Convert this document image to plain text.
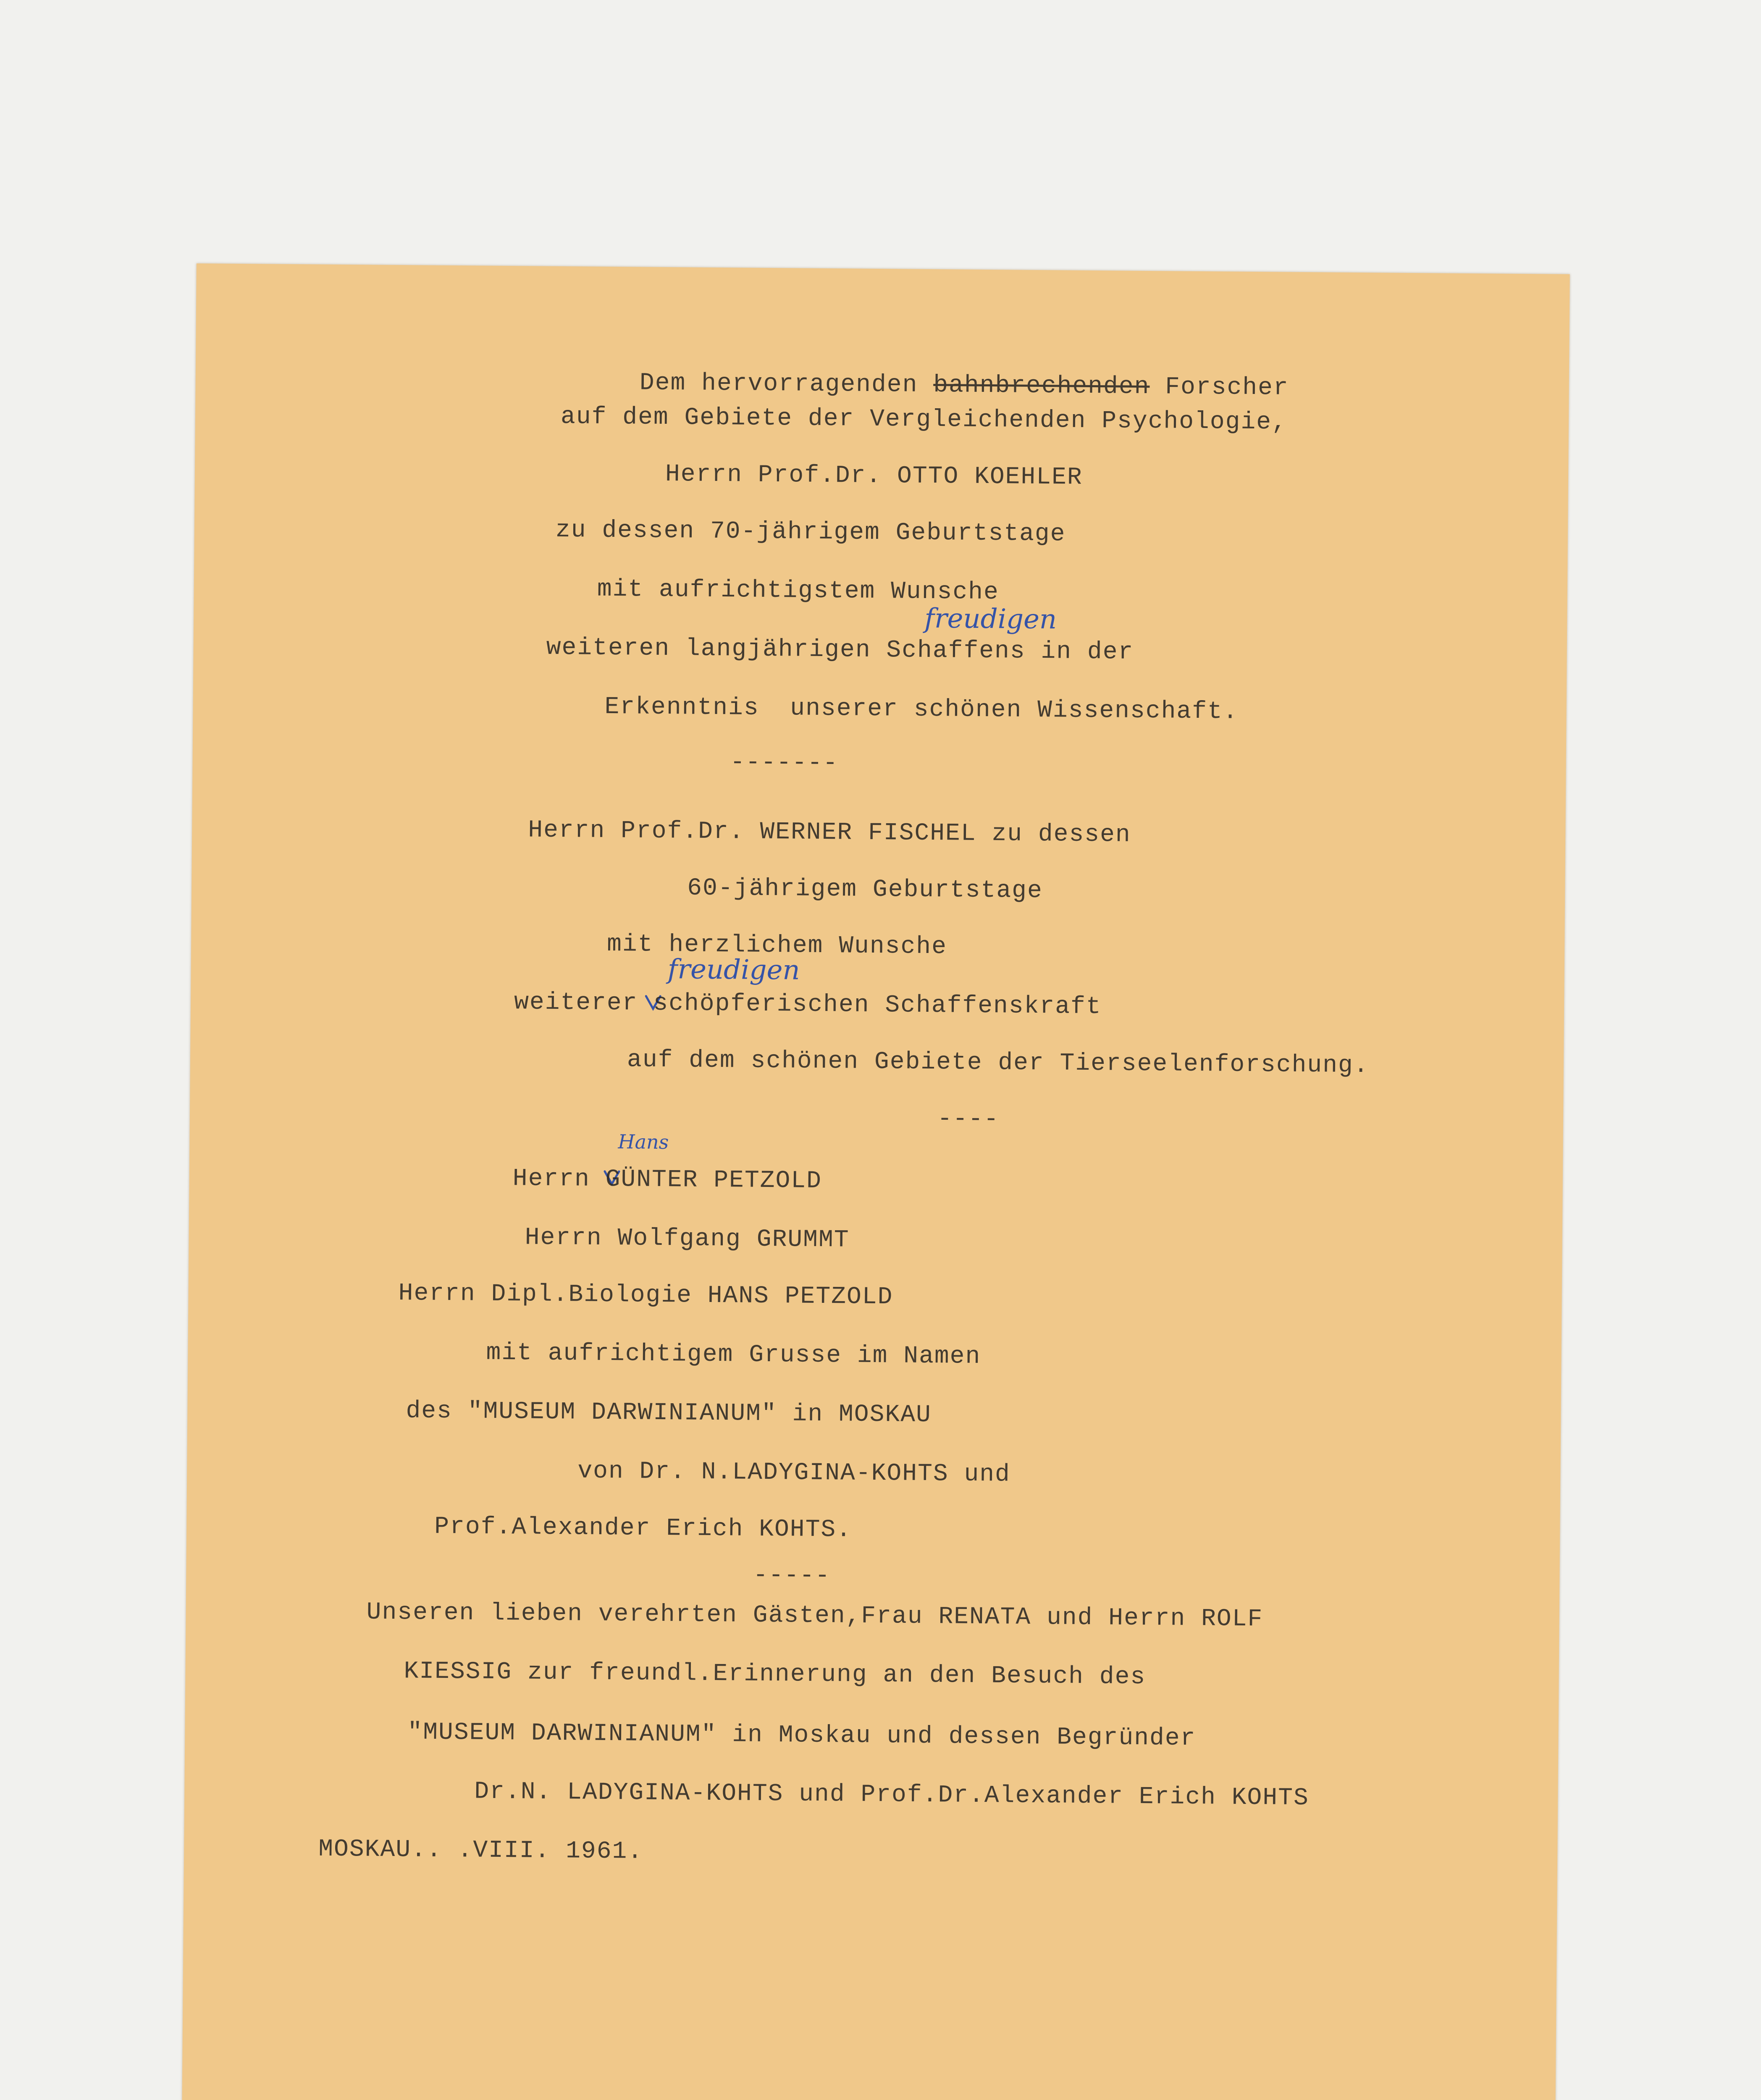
Dem hervorragenden bahnbrechenden Forscher

auf dem Gebiete der Vergleichenden Psychologie,
Herrn Prof.Dr. OTTO KOEHLER
zu dessen 70-jährigem Geburtstage
mit aufrichtigstem Wunsche
freudigen
weiteren langjährigen Schaffens in der
Erkenntnis  unserer schönen Wissenschaft.
-------
Herrn Prof.Dr. WERNER FISCHEL zu dessen
60-jährigem Geburtstage
mit herzlichem Wunsche
freudigen
weiterer schöpferischen Schaffenskraft
auf dem schönen Gebiete der Tierseelenforschung.
----
Hans
Herrn GÜNTER PETZOLD
Herrn Wolfgang GRUMMT
Herrn Dipl.Biologie HANS PETZOLD
mit aufrichtigem Grusse im Namen
des "MUSEUM DARWINIANUM" in MOSKAU
von Dr. N.LADYGINA-KOHTS und
Prof.Alexander Erich KOHTS.
-----
Unseren lieben verehrten Gästen,Frau RENATA und Herrn ROLF
KIESSIG zur freundl.Erinnerung an den Besuch des
"MUSEUM DARWINIANUM" in Moskau und dessen Begründer
Dr.N. LADYGINA-KOHTS und Prof.Dr.Alexander Erich KOHTS
MOSKAU.. .VIII. 1961.
